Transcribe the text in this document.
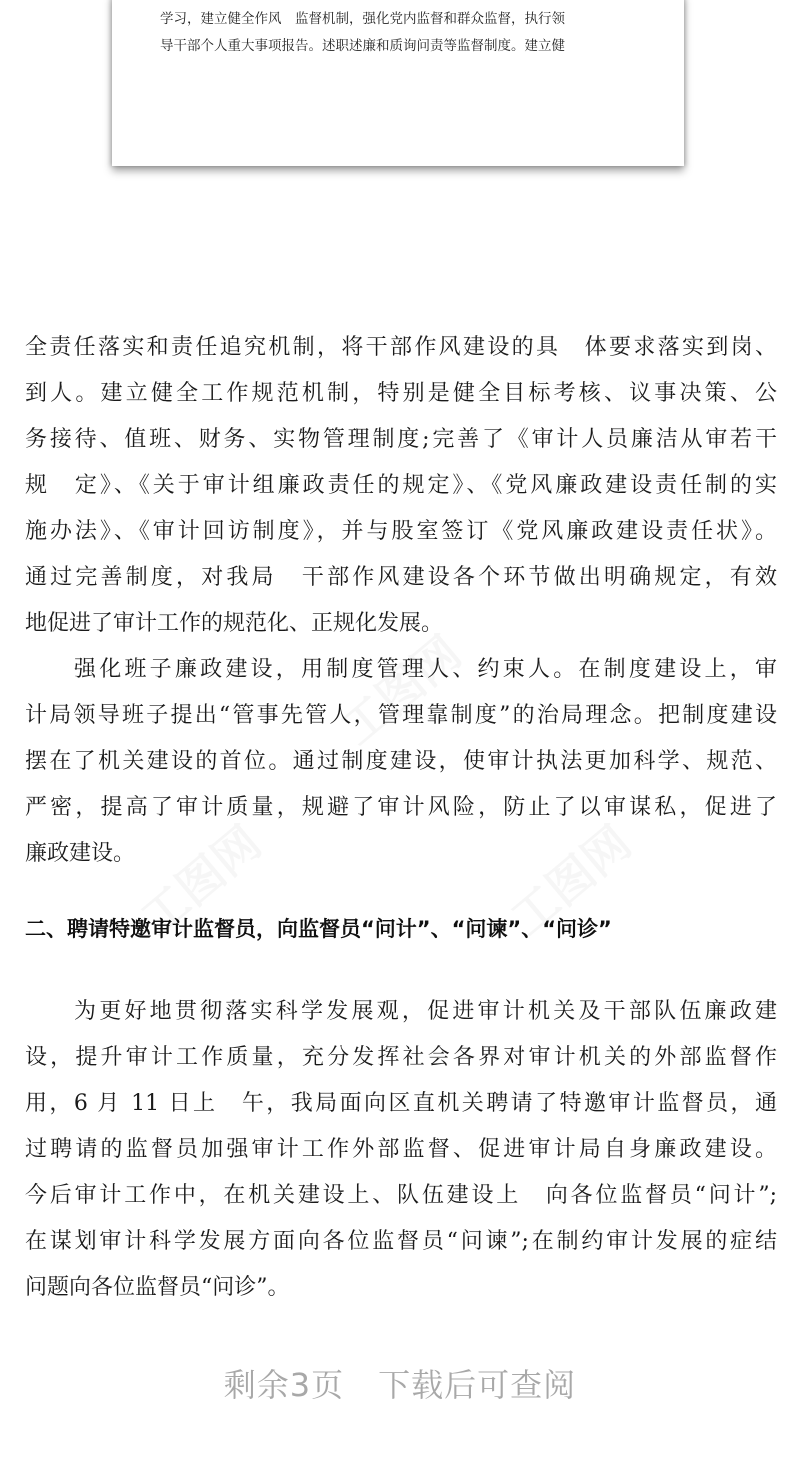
学习，建立健全作风　监督机制，强化党内监督和群众监督，执行领
导干部个人重大事项报告。述职述廉和质询问责等监督制度。建立健
全责任落实和责任追究机制，将干部作风建设的具　体要求落实到岗、
到人。建立健全工作规范机制，特别是健全目标考核、议事决策、公
务接待、值班、财务、实物管理制度;完善了《审计人员廉洁从审若干
规　定》、《关于审计组廉政责任的规定》、《党风廉政建设责任制的实
施办法》、《审计回访制度》，并与股室签订《党风廉政建设责任状》。
通过完善制度，对我局　干部作风建设各个环节做出明确规定，有效
地促进了审计工作的规范化、正规化发展。
强化班子廉政建设，用制度管理人、约束人。在制度建设上，审
计局领导班子提出“管事先管人，管理靠制度”的治局理念。把制度建设
摆在了机关建设的首位。通过制度建设，使审计执法更加科学、规范、
严密，提高了审计质量，规避了审计风险，防止了以审谋私，促进了
廉政建设。
二、聘请特邀审计监督员，向监督员“问计”、“问谏”、“问诊”
为更好地贯彻落实科学发展观，促进审计机关及干部队伍廉政建
设，提升审计工作质量，充分发挥社会各界对审计机关的外部监督作
用，6 月 11 日上　午，我局面向区直机关聘请了特邀审计监督员，通
过聘请的监督员加强审计工作外部监督、促进审计局自身廉政建设。
今后审计工作中，在机关建设上、队伍建设上　向各位监督员“问计”;
在谋划审计科学发展方面向各位监督员“问谏”;在制约审计发展的症结
问题向各位监督员“问诊”。
剩余3页 下载后可查阅
